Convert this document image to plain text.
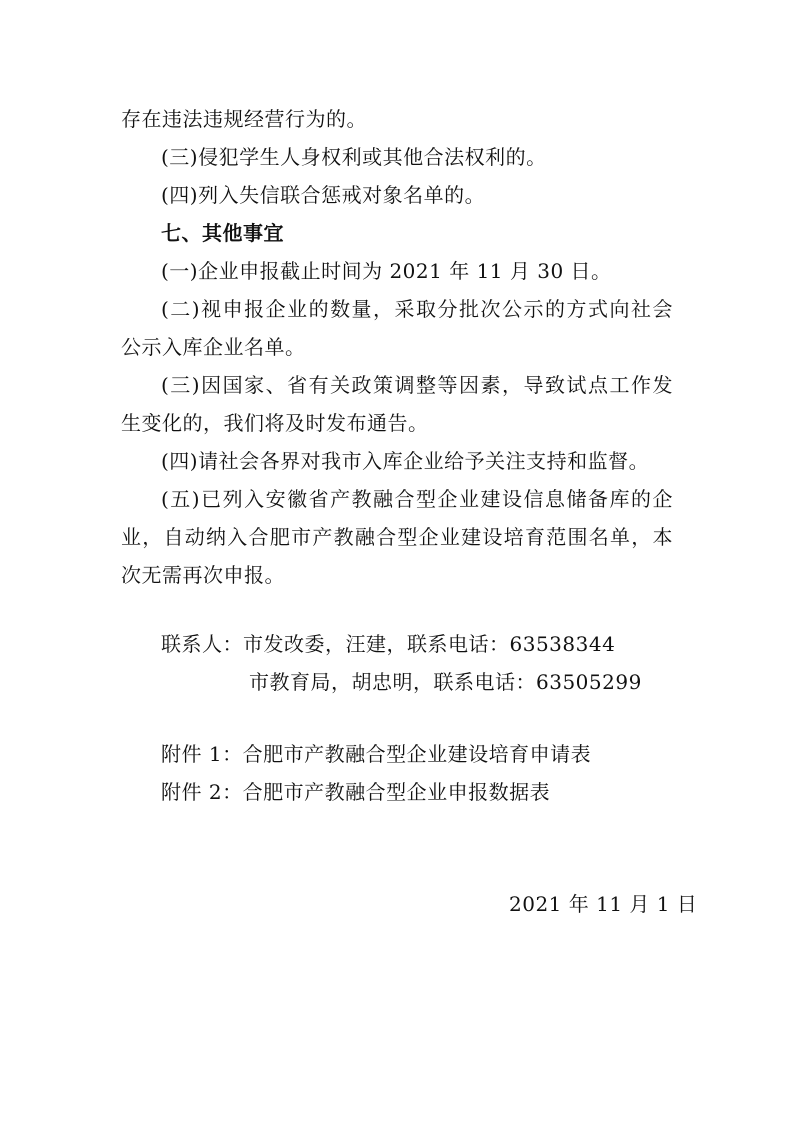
存在违法违规经营行为的。
(三)侵犯学生人身权利或其他合法权利的。
(四)列入失信联合惩戒对象名单的。
七、其他事宜
(一)企业申报截止时间为 2021 年 11 月 30 日。
(二)视申报企业的数量，采取分批次公示的方式向社会
公示入库企业名单。
(三)因国家、省有关政策调整等因素，导致试点工作发
生变化的，我们将及时发布通告。
(四)请社会各界对我市入库企业给予关注支持和监督。
(五)已列入安徽省产教融合型企业建设信息储备库的企
业，自动纳入合肥市产教融合型企业建设培育范围名单，本
次无需再次申报。
联系人：市发改委，汪建，联系电话：63538344
市教育局，胡忠明，联系电话：63505299
附件 1：合肥市产教融合型企业建设培育申请表
附件 2：合肥市产教融合型企业申报数据表
2021 年 11 月 1 日
